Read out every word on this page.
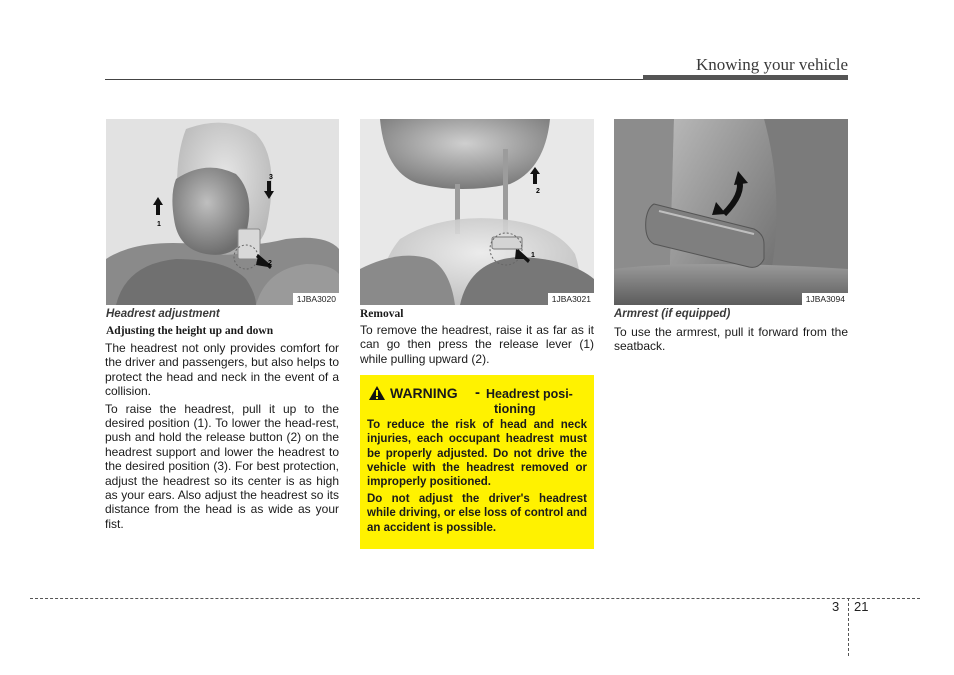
Knowing your vehicle
3
1
2
1JBA3020
2
1
1JBA3021	1JBA3094
Headrest adjustment
Adjusting the height up and down

The headrest not only provides comfort for the driver and passengers, but also helps to protect the head and neck in the event of a collision.

To raise the headrest, pull it up to the desired position (1). To lower the head-rest, push and hold the release button (2) on the headrest support and lower the headrest to the desired position (3). For best protection, adjust the headrest so its center is as high as your ears. Also adjust the headrest so its distance from the head is as wide as your fist.

Removal

To remove the headrest, raise it as far as it can go then press the release lever (1) while pulling upward (2).

WARNING - Headrest posi-
tioning

To reduce the risk of head and neck injuries, each occupant headrest must be properly adjusted. Do not drive the vehicle with the headrest removed or improperly positioned.

Do not adjust the driver's headrest while driving, or else loss of control and an accident is possible.

Armrest (if equipped)

To use the armrest, pull it forward from the seatback.

3 21
